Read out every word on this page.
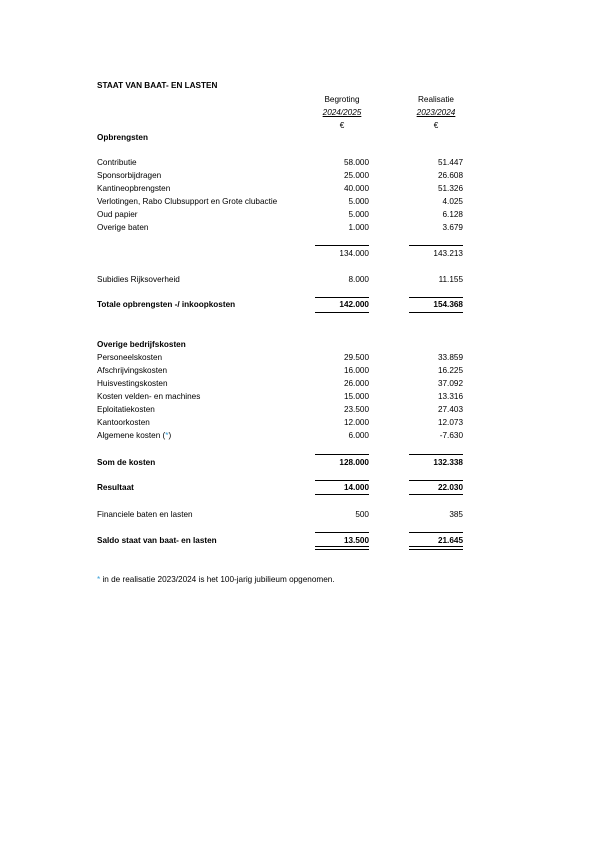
STAAT VAN BAAT- EN LASTEN
Begroting	Realisatie
2024/2025	2023/2024
€	€
Opbrengsten
Contributie	58.000	51.447
Sponsorbijdragen	25.000	26.608
Kantineopbrengsten	40.000	51.326
Verlotingen, Rabo Clubsupport en Grote clubactie	5.000	4.025
Oud papier	5.000	6.128
Overige baten	1.000	3.679
134.000	143.213
Subidies Rijksoverheid	8.000	11.155
Totale opbrengsten -/ inkoopkosten	142.000	154.368
Overige bedrijfskosten
Personeelskosten	29.500	33.859
Afschrijvingskosten	16.000	16.225
Huisvestingskosten	26.000	37.092
Kosten velden- en machines	15.000	13.316
Eploitatiekosten	23.500	27.403
Kantoorkosten	12.000	12.073
Algemene kosten (*)	6.000	-7.630
Som de kosten	128.000	132.338
Resultaat	14.000	22.030
Financiele baten en lasten	500	385
Saldo staat van baat- en lasten	13.500	21.645
* in de realisatie 2023/2024 is het 100-jarig jubilieum opgenomen.
